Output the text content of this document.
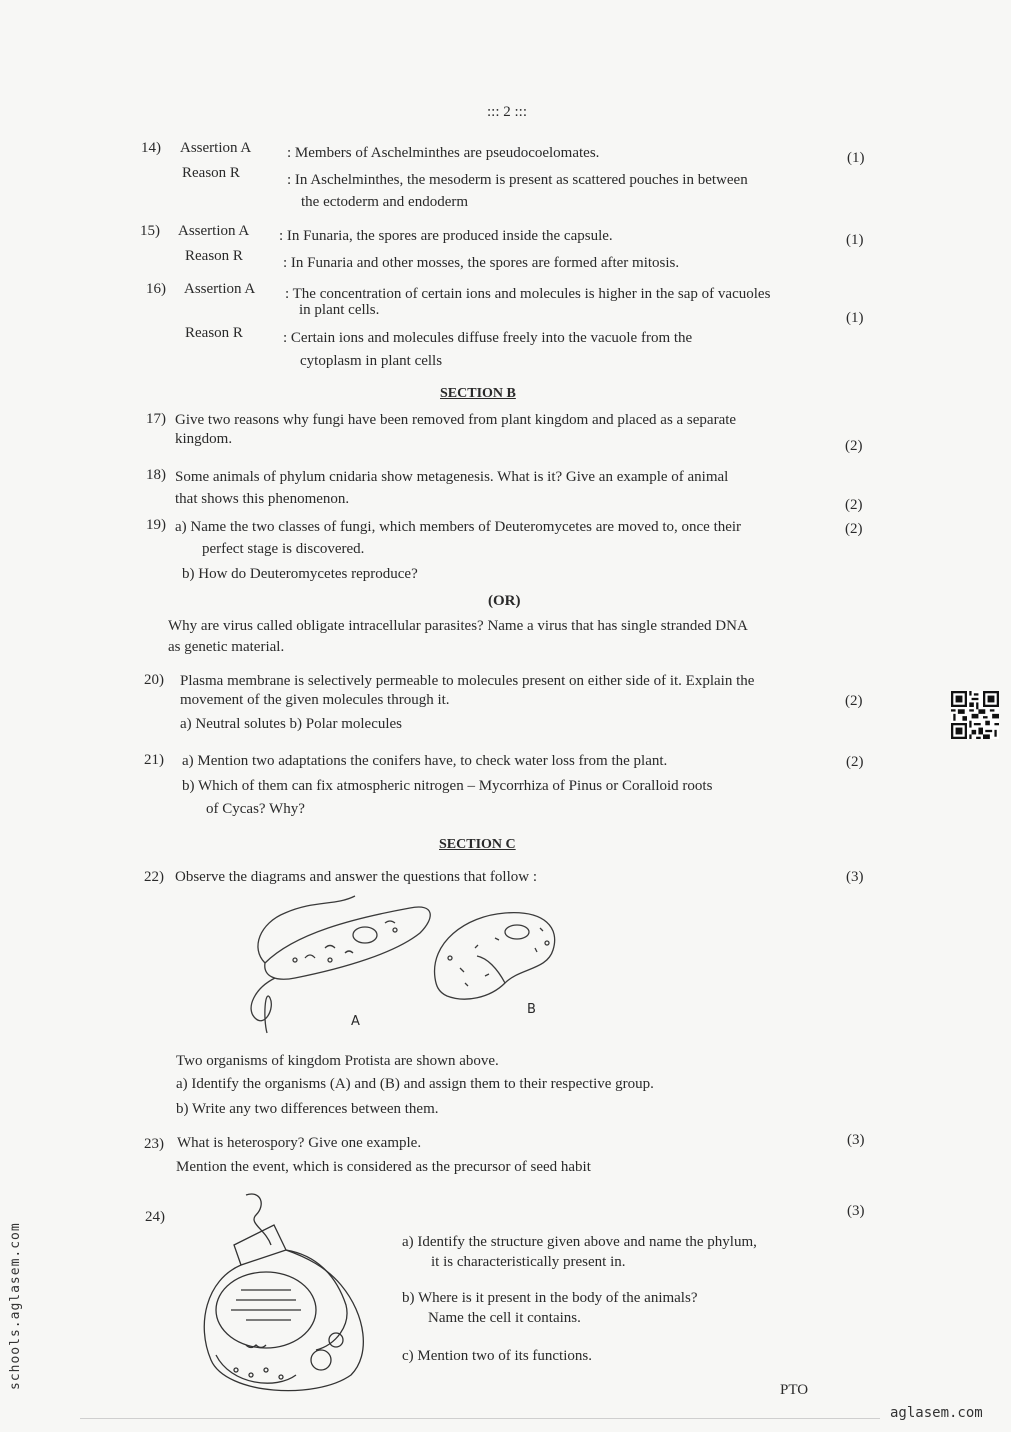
::: 2 :::
14) Assertion A : Members of Aschelminthes are pseudocoelomates.	(1)
Reason R	: In Aschelminthes, the mesoderm is present as scattered pouches in between
the ectoderm and endoderm
15) Assertion A : In Funaria, the spores are produced inside the capsule.	(1)
Reason R	: In Funaria and other mosses, the spores are formed after mitosis.
16) Assertion A : The concentration of certain ions and molecules is higher in the sap of vacuoles
in plant cells.	(1)
Reason R	: Certain ions and molecules diffuse freely into the vacuole from the
cytoplasm in plant cells
SECTION B
17) Give two reasons why fungi have been removed from plant kingdom and placed as a separate
kingdom.	(2)
18) Some animals of phylum cnidaria show metagenesis. What is it? Give an example of animal
that shows this phenomenon.	(2)
19) a) Name the two classes of fungi, which members of Deuteromycetes are moved to, once their	(2)
perfect stage is discovered.
b) How do Deuteromycetes reproduce?
(OR)
Why are virus called obligate intracellular parasites? Name a virus that has single stranded DNA
as genetic material.
20) Plasma membrane is selectively permeable to molecules present on either side of it. Explain the
movement of the given molecules through it.	(2)
a) Neutral solutes b) Polar molecules
21) a) Mention two adaptations the conifers have, to check water loss from the plant.	(2)
b) Which of them can fix atmospheric nitrogen – Mycorrhiza of Pinus or Coralloid roots
of Cycas? Why?
SECTION C
22) Observe the diagrams and answer the questions that follow :	(3)
A
B
Two organisms of kingdom Protista are shown above.
a) Identify the organisms (A) and (B) and assign them to their respective group.
b) Write any two differences between them.
23) What is heterospory? Give one example.	(3)
Mention the event, which is considered as the precursor of seed habit
24)	(3)
a) Identify the structure given above and name the phylum,
it is characteristically present in.
b) Where is it present in the body of the animals?
Name the cell it contains.
c) Mention two of its functions.
PTO
schools.aglasem.com
aglasem.com
